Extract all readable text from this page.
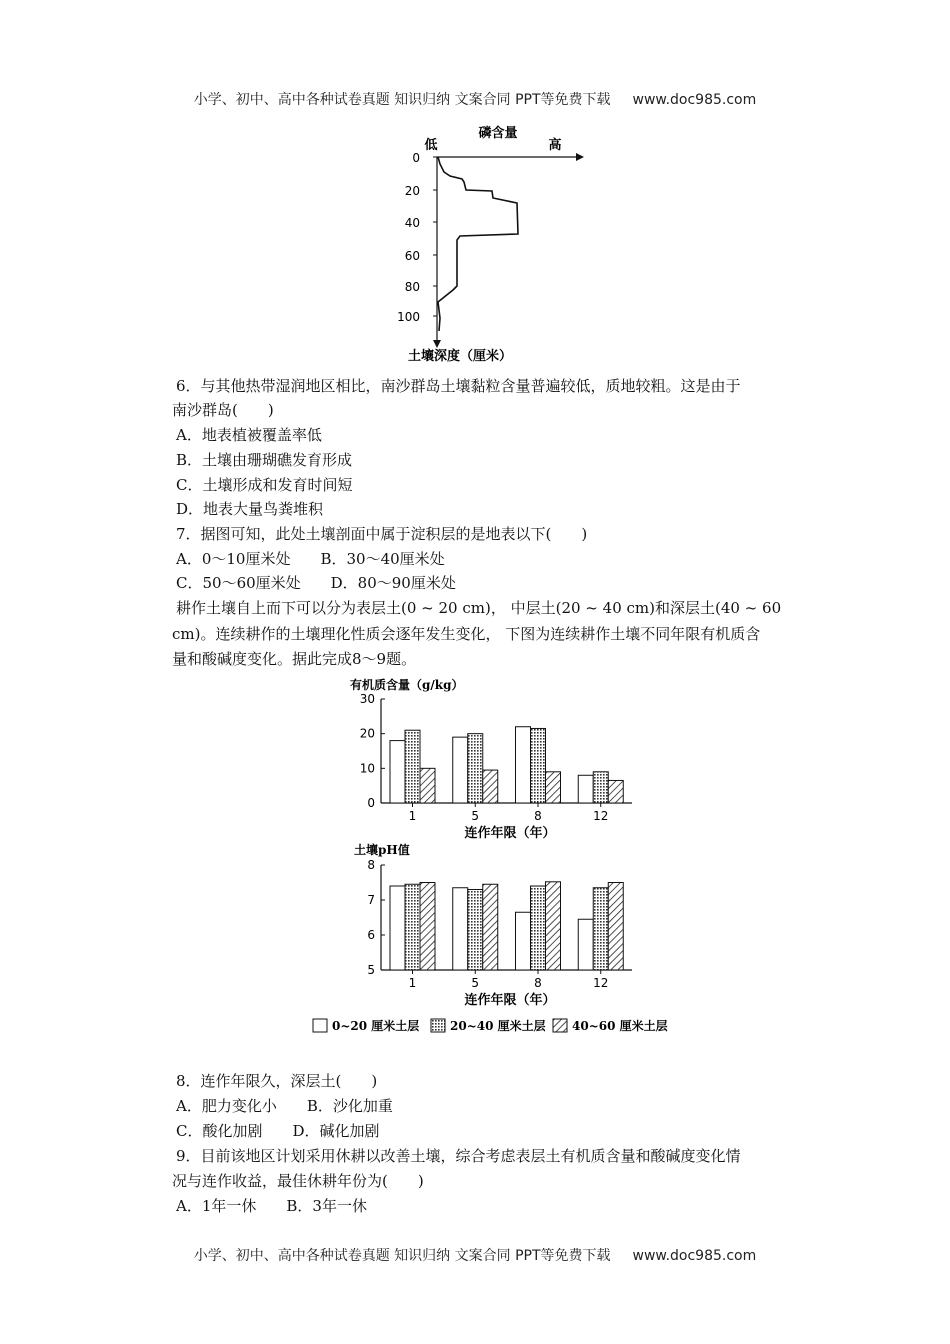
小学、初中、高中各种试卷真题 知识归纳 文案合同 PPT等免费下载 www.doc985.com
磷含量
低	高
0
20
40
60
80
100
土壤深度（厘米）
6．与其他热带湿润地区相比，南沙群岛土壤黏粒含量普遍较低，质地较粗。这是由于
南沙群岛(　　)
A．地表植被覆盖率低
B．土壤由珊瑚礁发育形成
C．土壤形成和发育时间短
D．地表大量鸟粪堆积
7．据图可知，此处土壤剖面中属于淀积层的是地表以下(　　)
A．0～10厘米处　　B．30～40厘米处
C．50～60厘米处　　D．80～90厘米处
耕作土壤自上而下可以分为表层土(0 ~ 20 cm)， 中层土(20 ~ 40 cm)和深层土(40 ~ 60
cm)。连续耕作的土壤理化性质会逐年发生变化， 下图为连续耕作土壤不同年限有机质含
量和酸碱度变化。据此完成8～9题。
有机质含量（g/kg）
0
10
20
30
1	5	8	12
连作年限（年）
土壤pH值
5
6
7
8
1	5	8	12
连作年限（年）
0~20 厘米土层	20~40 厘米土层 40~60 厘米土层
8．连作年限久，深层土(　　)
A．肥力变化小　　B．沙化加重
C．酸化加剧　　D．碱化加剧
9．目前该地区计划采用休耕以改善土壤，综合考虑表层土有机质含量和酸碱度变化情
况与连作收益，最佳休耕年份为(　　)
A．1年一休　　B．3年一休
小学、初中、高中各种试卷真题 知识归纳 文案合同 PPT等免费下载 www.doc985.com
